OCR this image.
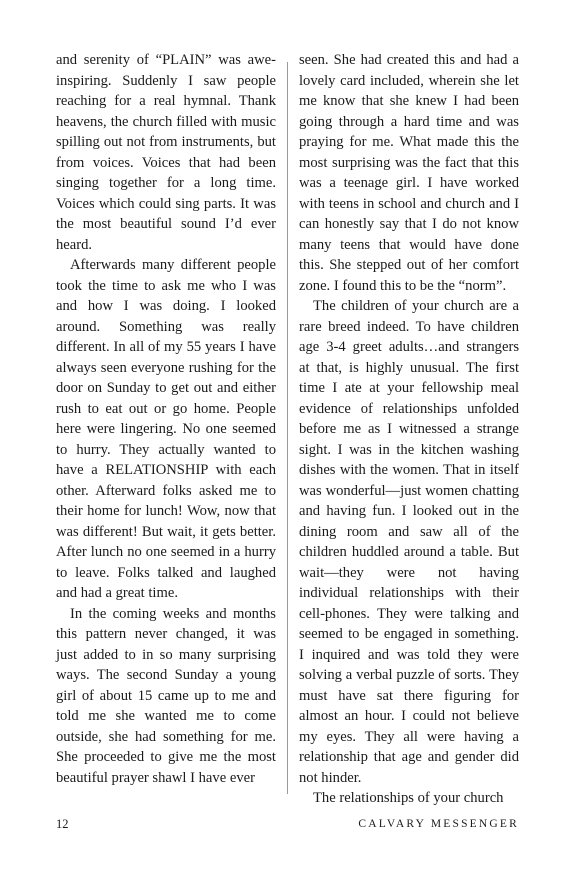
and serenity of “PLAIN” was awe-inspiring. Suddenly I saw people reaching for a real hymnal. Thank heavens, the church filled with music spilling out not from instruments, but from voices. Voices that had been singing together for a long time. Voices which could sing parts. It was the most beautiful sound I’d ever heard.

Afterwards many different people took the time to ask me who I was and how I was doing. I looked around. Something was really different. In all of my 55 years I have always seen everyone rushing for the door on Sunday to get out and either rush to eat out or go home. People here were lingering. No one seemed to hurry. They actually wanted to have a RELATIONSHIP with each other. Afterward folks asked me to their home for lunch! Wow, now that was different! But wait, it gets better. After lunch no one seemed in a hurry to leave. Folks talked and laughed and had a great time.

In the coming weeks and months this pattern never changed, it was just added to in so many surprising ways. The second Sunday a young girl of about 15 came up to me and told me she wanted me to come outside, she had something for me. She proceeded to give me the most beautiful prayer shawl I have ever

seen. She had created this and had a lovely card included, wherein she let me know that she knew I had been going through a hard time and was praying for me. What made this the most surprising was the fact that this was a teenage girl. I have worked with teens in school and church and I can honestly say that I do not know many teens that would have done this. She stepped out of her comfort zone. I found this to be the “norm”.

The children of your church are a rare breed indeed. To have children age 3-4 greet adults…and strangers at that, is highly unusual. The first time I ate at your fellowship meal evidence of relationships unfolded before me as I witnessed a strange sight. I was in the kitchen washing dishes with the women. That in itself was wonderful—just women chatting and having fun. I looked out in the dining room and saw all of the children huddled around a table. But wait—they were not having individual relationships with their cell-phones. They were talking and seemed to be engaged in something. I inquired and was told they were solving a verbal puzzle of sorts. They must have sat there figuring for almost an hour. I could not believe my eyes. They all were having a relationship that age and gender did not hinder.

The relationships of your church

12	CALVARY MESSENGER
